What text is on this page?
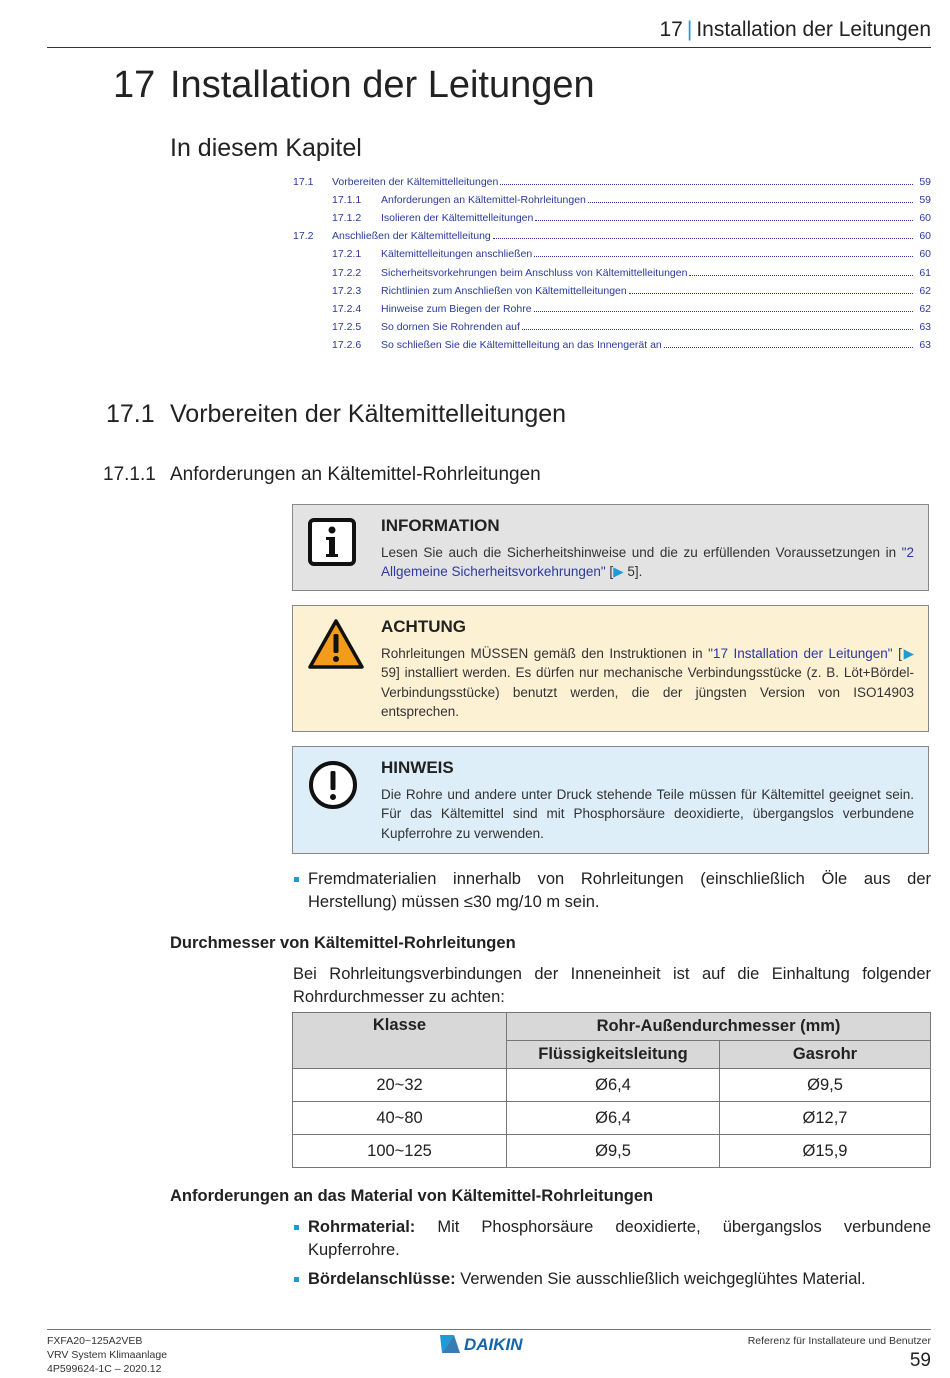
17 | Installation der Leitungen
17 Installation der Leitungen
In diesem Kapitel
17.1	Vorbereiten der Kältemittelleitungen	59
17.1.1	Anforderungen an Kältemittel-Rohrleitungen	59
17.1.2	Isolieren der Kältemittelleitungen	60
17.2	Anschließen der Kältemittelleitung	60
17.2.1	Kältemittelleitungen anschließen	60
17.2.2	Sicherheitsvorkehrungen beim Anschluss von Kältemittelleitungen	61
17.2.3	Richtlinien zum Anschließen von Kältemittelleitungen	62
17.2.4	Hinweise zum Biegen der Rohre	62
17.2.5	So dornen Sie Rohrenden auf	63
17.2.6	So schließen Sie die Kältemittelleitung an das Innengerät an	63
17.1 Vorbereiten der Kältemittelleitungen
17.1.1 Anforderungen an Kältemittel-Rohrleitungen
INFORMATION
Lesen Sie auch die Sicherheitshinweise und die zu erfüllenden Voraussetzungen in "2 Allgemeine Sicherheitsvorkehrungen" [▶ 5].
ACHTUNG
Rohrleitungen MÜSSEN gemäß den Instruktionen in "17 Installation der Leitungen" [▶ 59] installiert werden. Es dürfen nur mechanische Verbindungsstücke (z. B. Löt+Bördel-Verbindungsstücke) benutzt werden, die der jüngsten Version von ISO14903 entsprechen.
HINWEIS
Die Rohre und andere unter Druck stehende Teile müssen für Kältemittel geeignet sein. Für das Kältemittel sind mit Phosphorsäure deoxidierte, übergangslos verbundene Kupferrohre zu verwenden.
Fremdmaterialien innerhalb von Rohrleitungen (einschließlich Öle aus der Herstellung) müssen ≤30 mg/10 m sein.
Durchmesser von Kältemittel-Rohrleitungen
Bei Rohrleitungsverbindungen der Inneneinheit ist auf die Einhaltung folgender Rohrdurchmesser zu achten:
Klasse	Rohr-Außendurchmesser (mm)	
	Flüssigkeitsleitung	Gasrohr
20~32	Ø6,4	Ø9,5
40~80	Ø6,4	Ø12,7
100~125	Ø9,5	Ø15,9
Anforderungen an das Material von Kältemittel-Rohrleitungen
Rohrmaterial: Mit Phosphorsäure deoxidierte, übergangslos verbundene Kupferrohre.
Bördelanschlüsse: Verwenden Sie ausschließlich weichgeglühtes Material.
FXFA20~125A2VEB
VRV System Klimaanlage
4P599624-1C – 2020.12
DAIKIN	Referenz für Installateure und Benutzer
59
